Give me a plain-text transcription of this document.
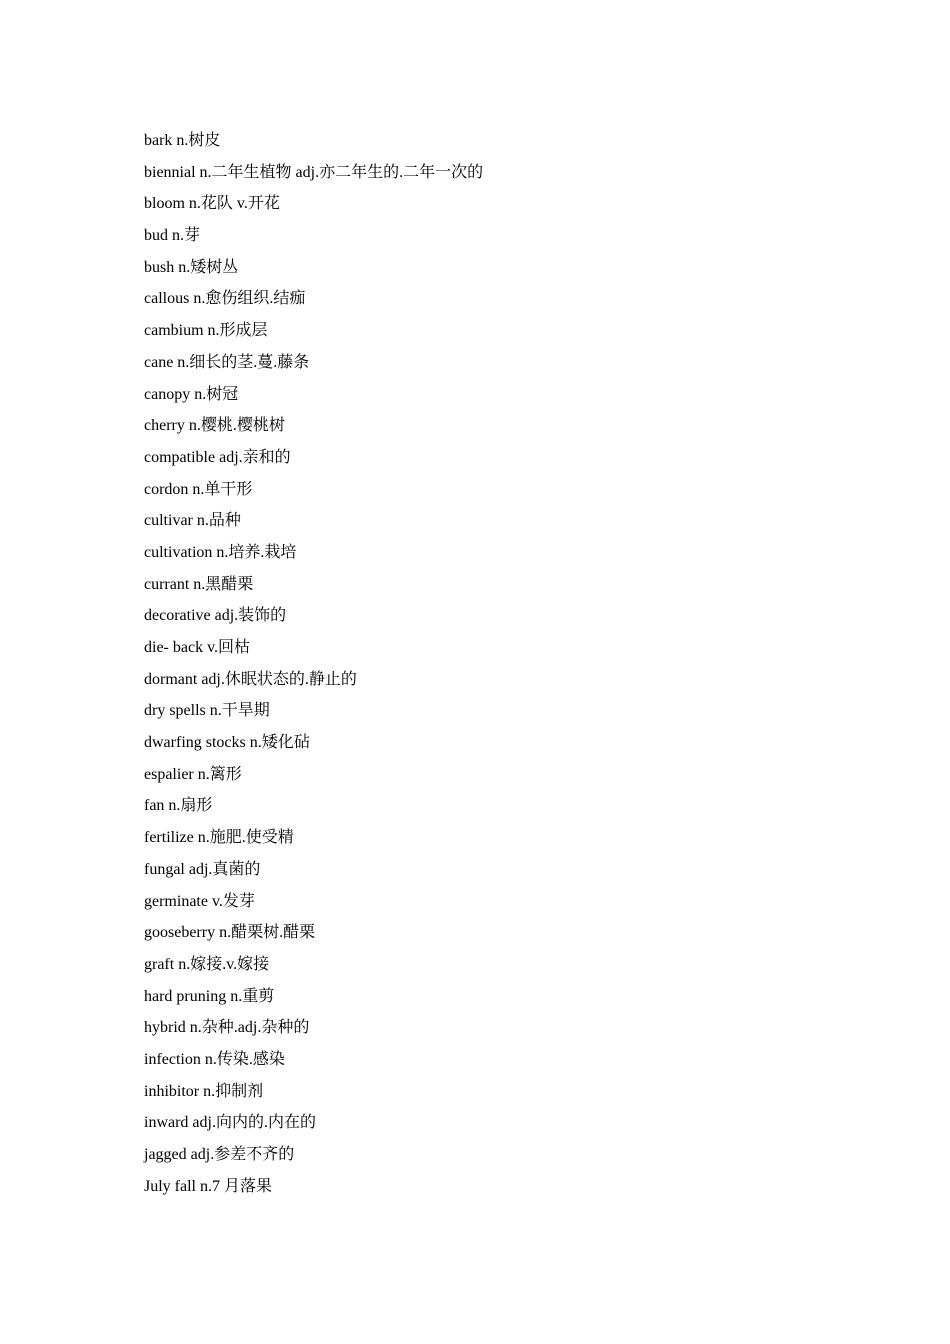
bark n.树皮
biennial n.二年生植物 adj.亦二年生的.二年一次的
bloom n.花队 v.开花
bud n.芽
bush n.矮树丛
callous n.愈伤组织.结痂
cambium n.形成层
cane n.细长的茎.蔓.藤条
canopy n.树冠
cherry n.樱桃.樱桃树
compatible adj.亲和的
cordon n.单干形
cultivar n.品种
cultivation n.培养.栽培
currant n.黑醋栗
decorative adj.装饰的
die- back v.回枯
dormant adj.休眠状态的.静止的
dry spells n.干旱期
dwarfing stocks n.矮化砧
espalier n.篱形
fan n.扇形
fertilize n.施肥.使受精
fungal adj.真菌的
germinate v.发芽
gooseberry n.醋栗树.醋栗
graft n.嫁接.v.嫁接
hard pruning n.重剪
hybrid n.杂种.adj.杂种的
infection n.传染.感染
inhibitor n.抑制剂
inward adj.向内的.内在的
jagged adj.参差不齐的
July fall n.7 月落果
